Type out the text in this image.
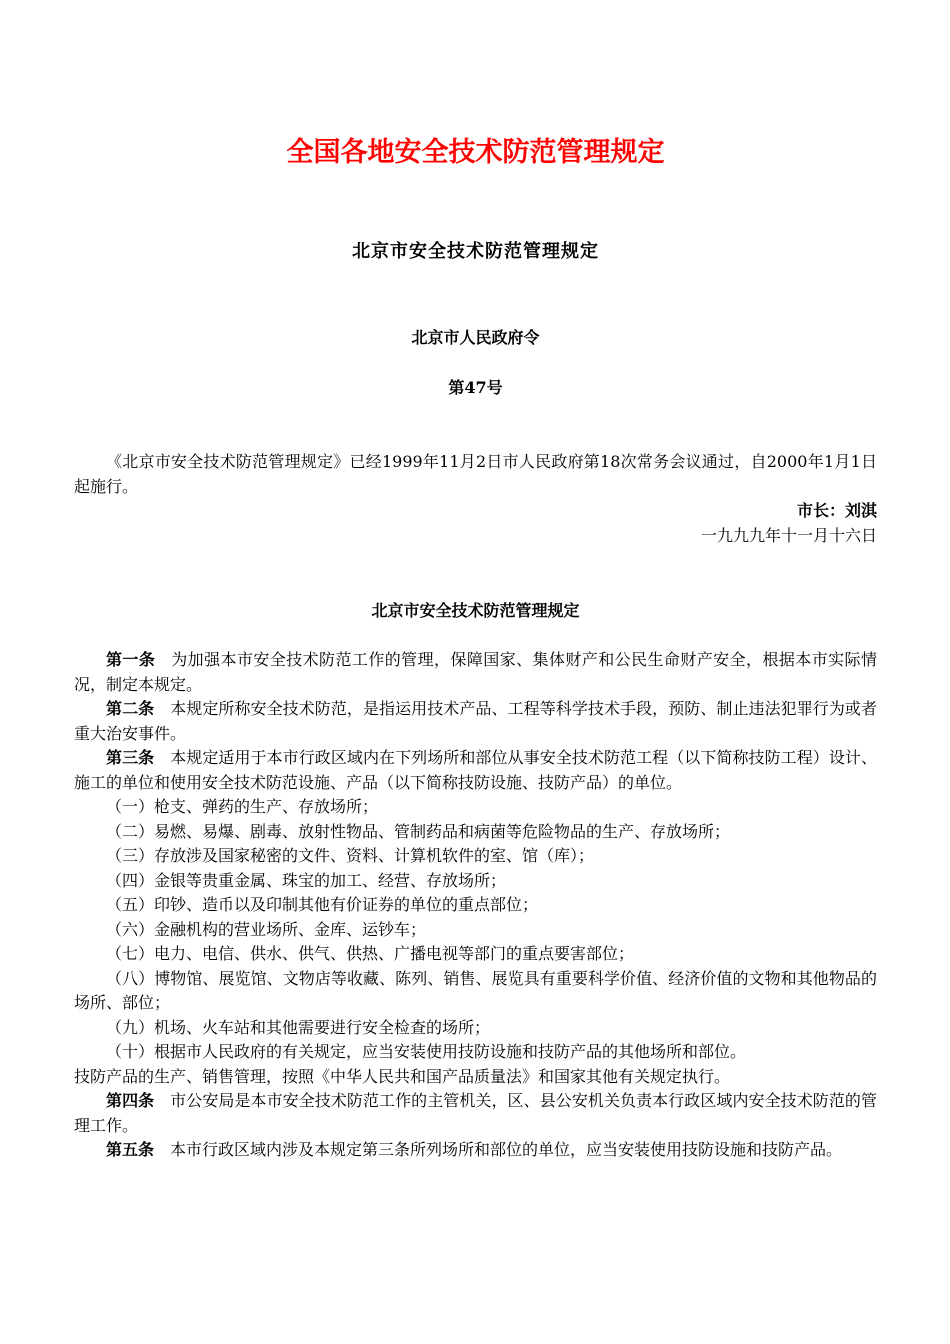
全国各地安全技术防范管理规定
北京市安全技术防范管理规定
北京市人民政府令
第47号

《北京市安全技术防范管理规定》已经1999年11月2日市人民政府第18次常务会议通过，自2000年1月1日起施行。

市长：刘淇
一九九九年十一月十六日
北京市安全技术防范管理规定

第一条 为加强本市安全技术防范工作的管理，保障国家、集体财产和公民生命财产安全，根据本市实际情况，制定本规定。

第二条 本规定所称安全技术防范，是指运用技术产品、工程等科学技术手段，预防、制止违法犯罪行为或者重大治安事件。

第三条 本规定适用于本市行政区域内在下列场所和部位从事安全技术防范工程（以下简称技防工程）设计、施工的单位和使用安全技术防范设施、产品（以下简称技防设施、技防产品）的单位。

（一）枪支、弹药的生产、存放场所；

（二）易燃、易爆、剧毒、放射性物品、管制药品和病菌等危险物品的生产、存放场所；

（三）存放涉及国家秘密的文件、资料、计算机软件的室、馆（库）；

（四）金银等贵重金属、珠宝的加工、经营、存放场所；

（五）印钞、造币以及印制其他有价证券的单位的重点部位；

（六）金融机构的营业场所、金库、运钞车；

（七）电力、电信、供水、供气、供热、广播电视等部门的重点要害部位；

（八）博物馆、展览馆、文物店等收藏、陈列、销售、展览具有重要科学价值、经济价值的文物和其他物品的场所、部位；

（九）机场、火车站和其他需要进行安全检查的场所；

（十）根据市人民政府的有关规定，应当安装使用技防设施和技防产品的其他场所和部位。

技防产品的生产、销售管理，按照《中华人民共和国产品质量法》和国家其他有关规定执行。

第四条 市公安局是本市安全技术防范工作的主管机关，区、县公安机关负责本行政区域内安全技术防范的管理工作。

第五条 本市行政区域内涉及本规定第三条所列场所和部位的单位，应当安装使用技防设施和技防产品。
